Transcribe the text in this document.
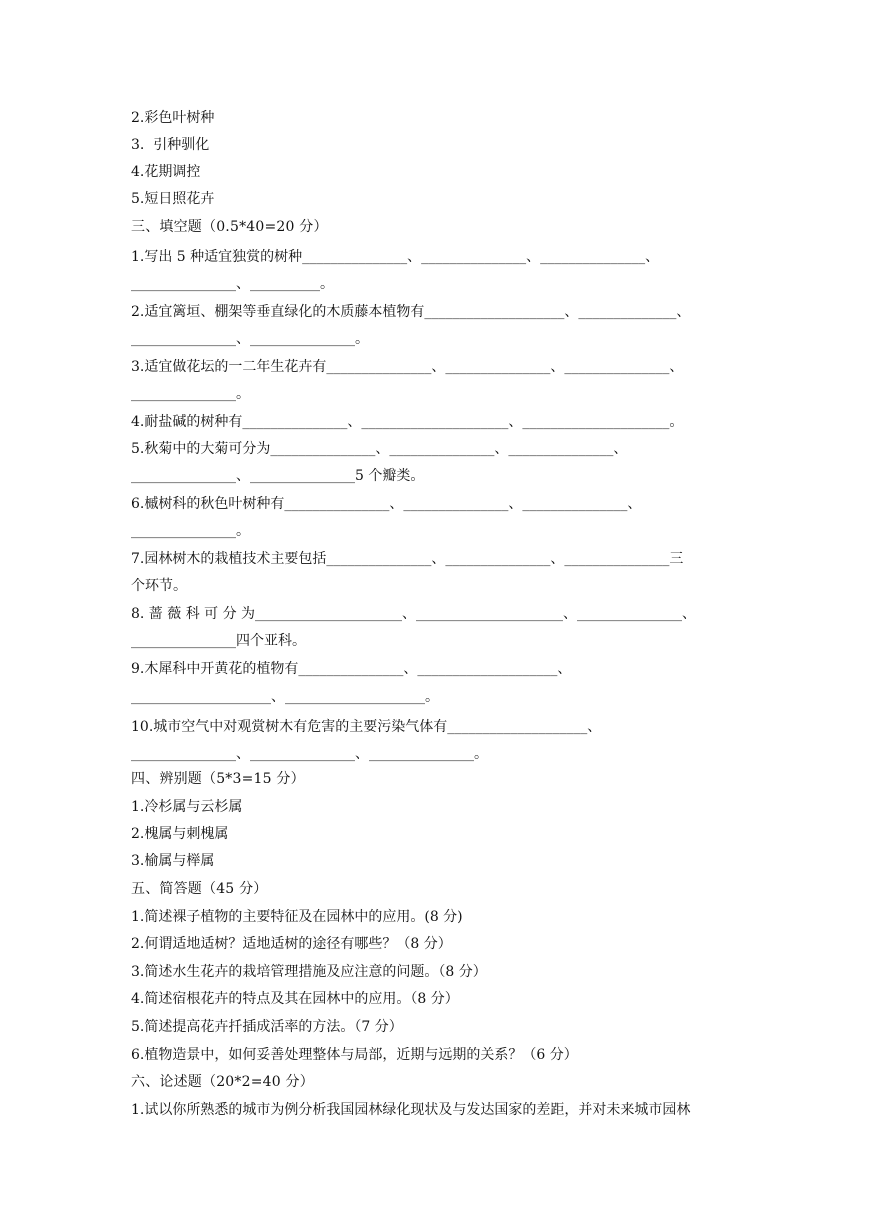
2.彩色叶树种
3.  引种驯化
4.花期调控
5.短日照花卉
三、填空题（0.5*40=20 分）
1.写出 5 种适宜独赏的树种_______________、_______________、_______________、
_______________、__________。
2.适宜篱垣、棚架等垂直绿化的木质藤本植物有____________________、______________、
_______________、_______________。
3.适宜做花坛的一二年生花卉有_______________、_______________、_______________、
_______________。
4.耐盐碱的树种有_______________、_____________________、_____________________。
5.秋菊中的大菊可分为_______________、_______________、_______________、
_______________、_______________5 个瓣类。
6.槭树科的秋色叶树种有_______________、_______________、_______________、
_______________。
7.园林树木的栽植技术主要包括_______________、_______________、_______________三
个环节。
8. 蔷 薇 科 可 分 为_____________________、_____________________、_______________、
_______________四个亚科。
9.木犀科中开黄花的植物有_______________、____________________、
____________________、____________________。
10.城市空气中对观赏树木有危害的主要污染气体有____________________、
_______________、_______________、_______________。
四、辨别题（5*3=15 分）
1.冷杉属与云杉属
2.槐属与刺槐属
3.榆属与榉属
五、简答题（45 分）
1.简述裸子植物的主要特征及在园林中的应用。(8 分)
2.何谓适地适树？适地适树的途径有哪些？（8 分）
3.简述水生花卉的栽培管理措施及应注意的问题。（8 分）
4.简述宿根花卉的特点及其在园林中的应用。（8 分）
5.简述提高花卉扦插成活率的方法。（7 分）
6.植物造景中，如何妥善处理整体与局部，近期与远期的关系？（6 分）
六、论述题（20*2=40 分）
1.试以你所熟悉的城市为例分析我国园林绿化现状及与发达国家的差距，并对未来城市园林
